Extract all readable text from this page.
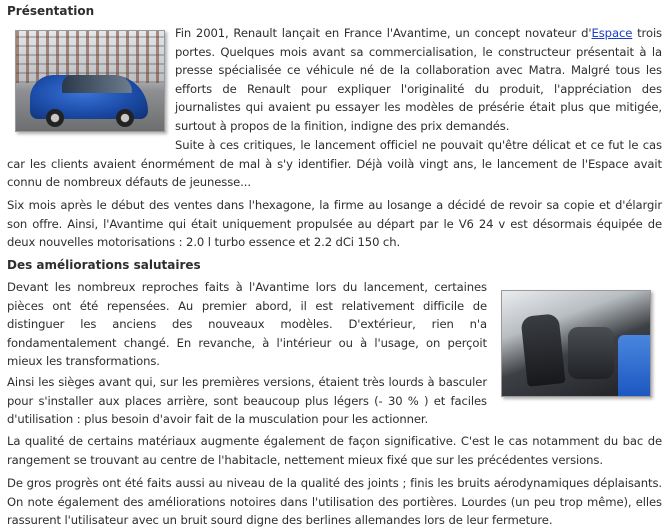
Présentation

Fin 2001, Renault lançait en France l'Avantime, un concept novateur d'Espace trois portes. Quelques mois avant sa commercialisation, le constructeur présentait à la presse spécialisée ce véhicule né de la collaboration avec Matra. Malgré tous les efforts de Renault pour expliquer l'originalité du produit, l'appréciation des journalistes qui avaient pu essayer les modèles de présérie était plus que mitigée, surtout à propos de la finition, indigne des prix demandés.

Suite à ces critiques, le lancement officiel ne pouvait qu'être délicat et ce fut le cas car les clients avaient énormément de mal à s'y identifier. Déjà voilà vingt ans, le lancement de l'Espace avait connu de nombreux défauts de jeunesse...

Six mois après le début des ventes dans l'hexagone, la firme au losange a décidé de revoir sa copie et d'élargir son offre. Ainsi, l'Avantime qui était uniquement propulsée au départ par le V6 24 v est désormais équipée de deux nouvelles motorisations : 2.0 l turbo essence et 2.2 dCi 150 ch.

Des améliorations salutaires

Devant les nombreux reproches faits à l'Avantime lors du lancement, certaines pièces ont été repensées. Au premier abord, il est relativement difficile de distinguer les anciens des nouveaux modèles. D'extérieur, rien n'a fondamentalement changé. En revanche, à l'intérieur ou à l'usage, on perçoit mieux les transformations.

Ainsi les sièges avant qui, sur les premières versions, étaient très lourds à basculer pour s'installer aux places arrière, sont beaucoup plus légers (- 30 % ) et faciles d'utilisation : plus besoin d'avoir fait de la musculation pour les actionner.

La qualité de certains matériaux augmente également de façon significative. C'est le cas notamment du bac de rangement se trouvant au centre de l'habitacle, nettement mieux fixé que sur les précédentes versions.

De gros progrès ont été faits aussi au niveau de la qualité des joints ; finis les bruits aérodynamiques déplaisants. On note également des améliorations notoires dans l'utilisation des portières. Lourdes (un peu trop même), elles rassurent l'utilisateur avec un bruit sourd digne des berlines allemandes lors de leur fermeture.
